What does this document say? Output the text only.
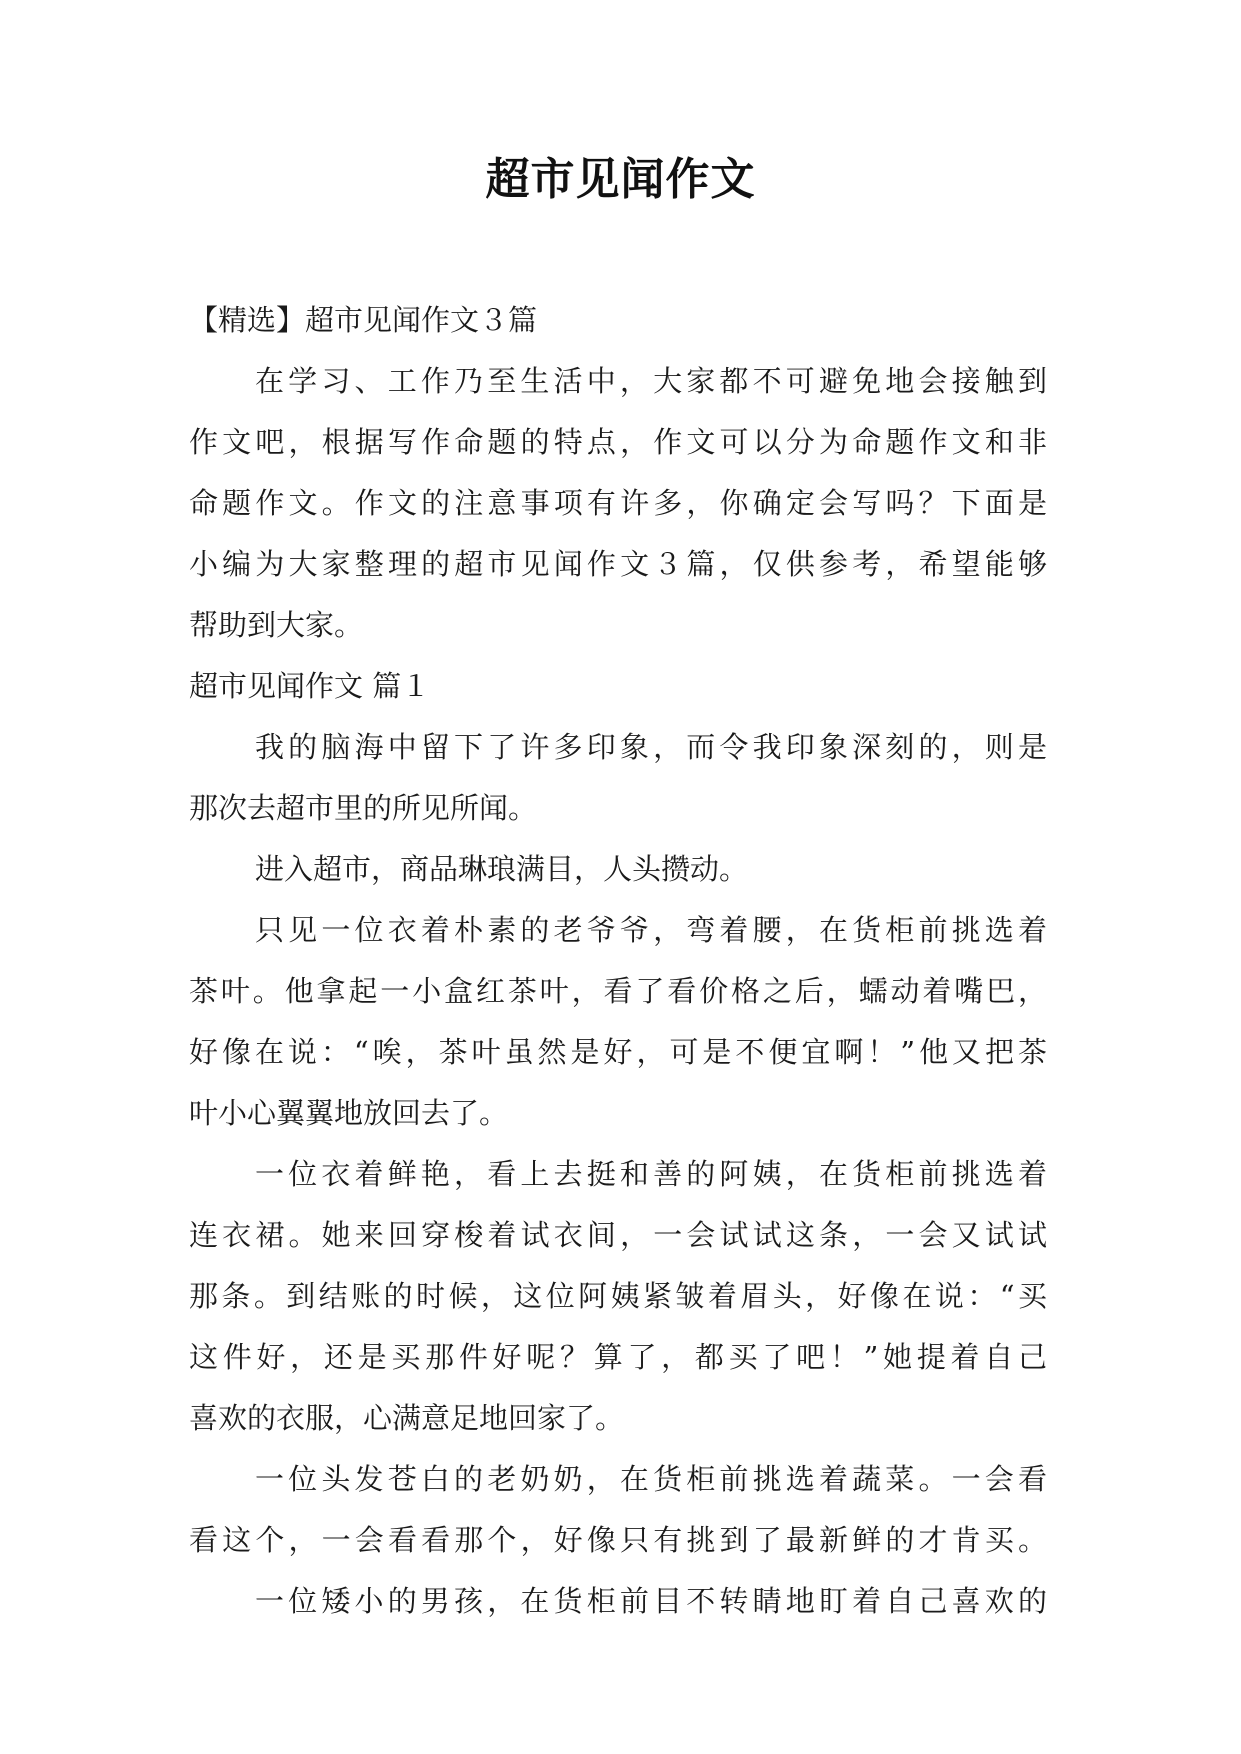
超市见闻作文
【精选】超市见闻作文３篇
在学习、工作乃至生活中，大家都不可避免地会接触到
作文吧，根据写作命题的特点，作文可以分为命题作文和非
命题作文。作文的注意事项有许多，你确定会写吗？下面是
小编为大家整理的超市见闻作文３篇，仅供参考，希望能够
帮助到大家。
超市见闻作文 篇１
我的脑海中留下了许多印象，而令我印象深刻的，则是
那次去超市里的所见所闻。
进入超市，商品琳琅满目，人头攒动。
只见一位衣着朴素的老爷爷，弯着腰，在货柜前挑选着
茶叶。他拿起一小盒红茶叶，看了看价格之后，蠕动着嘴巴，
好像在说：“唉，茶叶虽然是好，可是不便宜啊！”他又把茶
叶小心翼翼地放回去了。
一位衣着鲜艳，看上去挺和善的阿姨，在货柜前挑选着
连衣裙。她来回穿梭着试衣间，一会试试这条，一会又试试
那条。到结账的时候，这位阿姨紧皱着眉头，好像在说：“买
这件好，还是买那件好呢？算了，都买了吧！”她提着自己
喜欢的衣服，心满意足地回家了。
一位头发苍白的老奶奶，在货柜前挑选着蔬菜。一会看
看这个，一会看看那个，好像只有挑到了最新鲜的才肯买。
一位矮小的男孩，在货柜前目不转睛地盯着自己喜欢的
